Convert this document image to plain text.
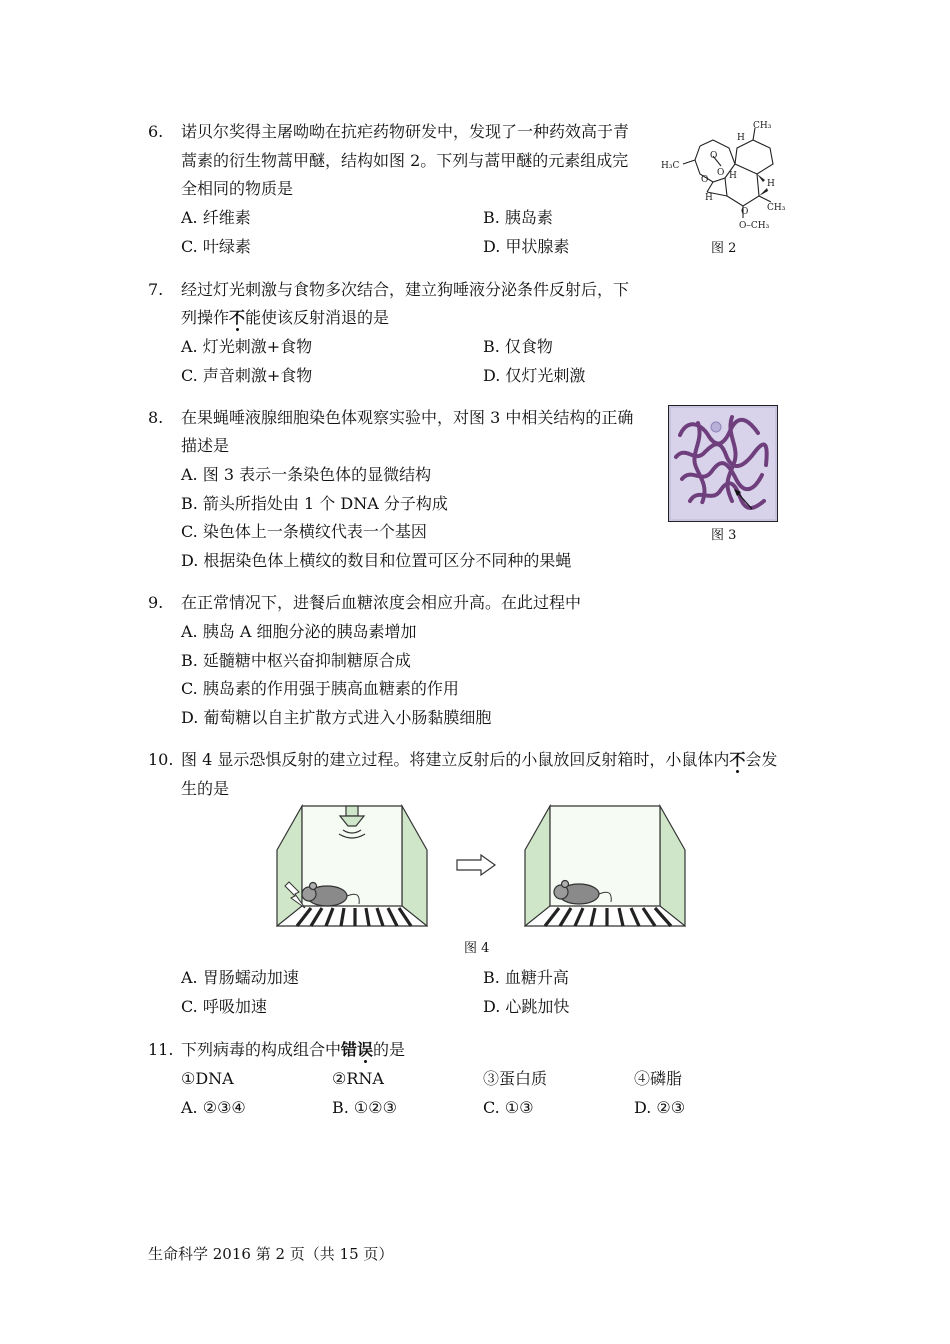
6. 诺贝尔奖得主屠呦呦在抗疟药物研发中，发现了一种药效高于青
蒿素的衍生物蒿甲醚，结构如图 2。下列与蒿甲醚的元素组成完
全相同的物质是
A. 纤维素	B. 胰岛素
C. 叶绿素	D. 甲状腺素
CH₃
H
O
O
H₃C
O
H
H
H
O CH₃
O–CH₃
图 2
7. 经过灯光刺激与食物多次结合，建立狗唾液分泌条件反射后，下
列操作不能使该反射消退的是
A. 灯光刺激+食物	B. 仅食物
C. 声音刺激+食物	D. 仅灯光刺激
8. 在果蝇唾液腺细胞染色体观察实验中，对图 3 中相关结构的正确
描述是
A. 图 3 表示一条染色体的显微结构
B. 箭头所指处由 1 个 DNA 分子构成
C. 染色体上一条横纹代表一个基因
D. 根据染色体上横纹的数目和位置可区分不同种的果蝇
图 3
9. 在正常情况下，进餐后血糖浓度会相应升高。在此过程中
A. 胰岛 A 细胞分泌的胰岛素增加
B. 延髓糖中枢兴奋抑制糖原合成
C. 胰岛素的作用强于胰高血糖素的作用
D. 葡萄糖以自主扩散方式进入小肠黏膜细胞
10. 图 4 显示恐惧反射的建立过程。将建立反射后的小鼠放回反射箱时，小鼠体内不会发
生的是
图 4
A. 胃肠蠕动加速	B. 血糖升高
C. 呼吸加速	D. 心跳加快
11. 下列病毒的构成组合中错误的是
①DNA	②RNA	③蛋白质	④磷脂
A. ②③④	B. ①②③	C. ①③	D. ②③
生命科学 2016 第 2 页（共 15 页）
